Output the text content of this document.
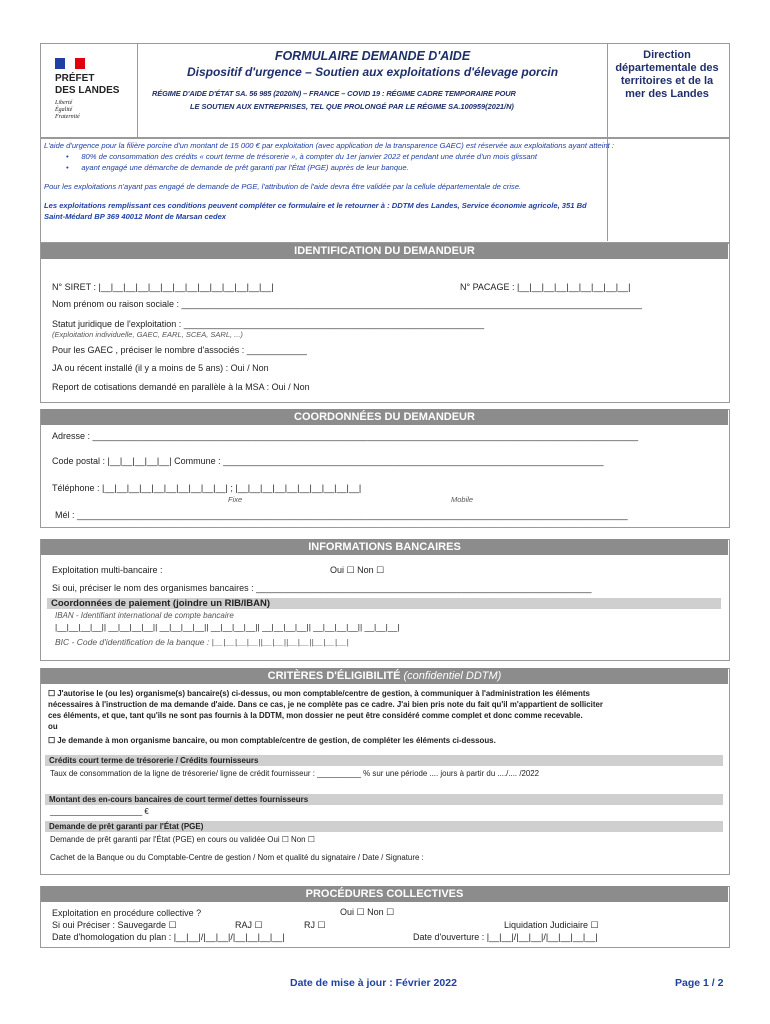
PRÉFET
DES LANDES
Liberté
Égalité
Fraternité
FORMULAIRE DEMANDE D'AIDE
Dispositif d'urgence – Soutien aux exploitations d'élevage porcin
RÉGIME D'AIDE D'ÉTAT SA. 56 985 (2020/N) – FRANCE – COVID 19 : RÉGIME CADRE TEMPORAIRE POUR
LE SOUTIEN AUX ENTREPRISES, TEL QUE PROLONGÉ PAR LE RÉGIME SA.100959(2021/N)
Direction départementale des territoires et de la mer des Landes
L'aide d'urgence pour la filière porcine d'un montant de 15 000 € par exploitation (avec application de la transparence GAEC) est réservée aux exploitations ayant atteint :
•      80% de consommation des crédits « court terme de trésorerie », à compter du 1er janvier 2022 et pendant une durée d'un mois glissant
•      ayant engagé une démarche de demande de prêt garanti par l'État (PGE) auprès de leur banque.
Pour les exploitations n'ayant pas engagé de demande de PGE, l'attribution de l'aide devra être validée par la cellule départementale de crise.
Les exploitations remplissant ces conditions peuvent compléter ce formulaire et le retourner à : DDTM des Landes, Service économie agricole, 351 Bd
Saint-Médard BP 369 40012 Mont de Marsan cedex
IDENTIFICATION DU DEMANDEUR
N° SIRET : |__|__|__|__|__|__|__|__|__|__|__|__|__|__|	N° PACAGE : |__|__|__|__|__|__|__|__|__|
Nom prénom ou raison sociale : ____________________________________________________________________________________________
Statut juridique de l'exploitation : ____________________________________________________________
(Exploitation individuelle, GAEC, EARL, SCEA, SARL, ...)
Pour les GAEC , préciser le nombre d'associés : ____________
JA ou récent installé (il y a moins de 5 ans) : Oui / Non
Report de cotisations demandé en parallèle à la MSA : Oui / Non
COORDONNÉES DU DEMANDEUR
Adresse : _____________________________________________________________________________________________________________
Code postal : |__|__|__|__|__| Commune : ____________________________________________________________________________
Téléphone : |__|__|__|__|__|__|__|__|__|__| ; |__|__|__|__|__|__|__|__|__|__|
Fixe	Mobile
Mél : ______________________________________________________________________________________________________________
INFORMATIONS BANCAIRES
Exploitation multi-bancaire :	Oui ☐ Non ☐
Si oui, préciser le nom des organismes bancaires : ___________________________________________________________________
Coordonnées de paiement (joindre un RIB/IBAN)
IBAN - Identifiant international de compte bancaire
|__|__|__|__|| __|__|__|__|| __|__|__|__|| __|__|__|__|| __|__|__|__|| __|__|__|__|| __|__|__|
BIC - Code d'identification de la banque : |__|__|__|__||__|__||__|__||__|__|__|
CRITÈRES D'ÉLIGIBILITÉ (confidentiel DDTM)
☐ J'autorise le (ou les) organisme(s) bancaire(s) ci-dessus, ou mon comptable/centre de gestion, à communiquer à l'administration les éléments
nécessaires à l'instruction de ma demande d'aide. Dans ce cas, je ne complète pas ce cadre. J'ai bien pris note du fait qu'il m'appartient de solliciter
ces éléments, et que, tant qu'ils ne sont pas fournis à la DDTM, mon dossier ne peut être considéré comme complet et donc comme recevable.
ou
☐ Je demande à mon organisme bancaire, ou mon comptable/centre de gestion, de compléter les éléments ci-dessous.
Crédits court terme de trésorerie / Crédits fournisseurs
Taux de consommation de la ligne de trésorerie/ ligne de crédit fournisseur : __________ % sur une période .... jours à partir du ..../.... /2022
Montant des en-cours bancaires de court terme/ dettes fournisseurs
_____________________ €
Demande de prêt garanti par l'État (PGE)
Demande de prêt garanti par l'État (PGE) en cours ou validée Oui ☐ Non ☐
Cachet de la Banque ou du Comptable-Centre de gestion / Nom et qualité du signataire / Date / Signature :
PROCÉDURES COLLECTIVES
Exploitation en procédure collective ?	Oui ☐ Non ☐
Si oui Préciser : Sauvegarde ☐	RAJ ☐	RJ ☐	Liquidation Judiciaire ☐
Date d'homologation du plan : |__|__|/|__|__|/|__|__|__|__|	Date d'ouverture : |__|__|/|__|__|/|__|__|__|__|
Date de mise à jour : Février 2022	Page 1 / 2
